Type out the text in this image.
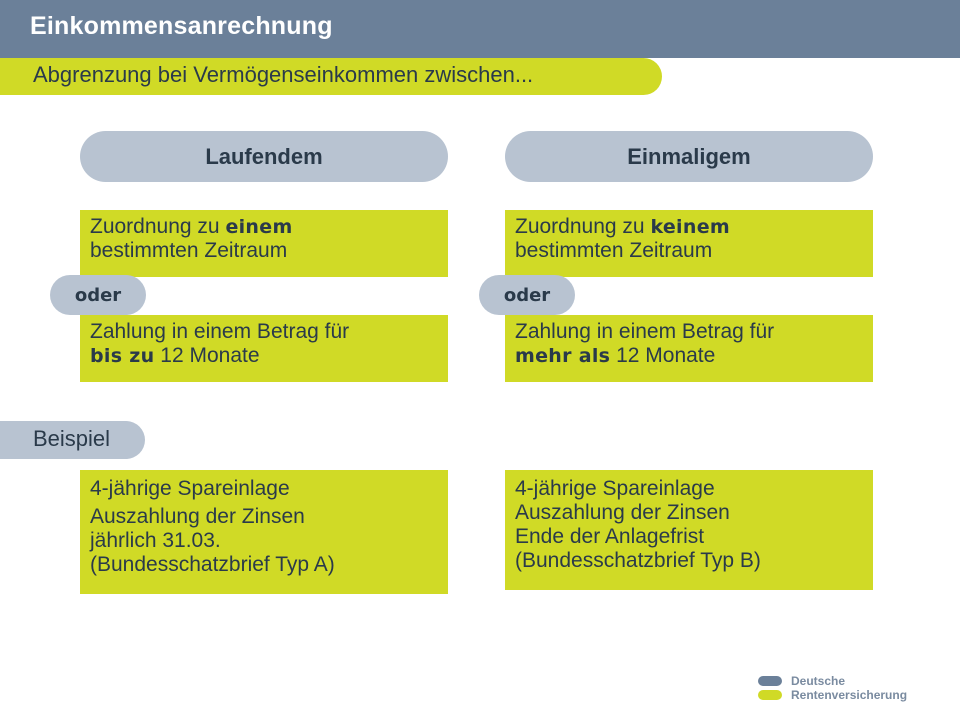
Einkommensanrechnung
Abgrenzung bei Vermögenseinkommen zwischen...
Laufendem
Zuordnung zu einem
bestimmten Zeitraum
Zahlung in einem Betrag für
bis zu 12 Monate
oder
Einmaligem
Zuordnung zu keinem
bestimmten Zeitraum
Zahlung in einem Betrag für
mehr als 12 Monate
oder
Beispiel
4-jährige Spareinlage
Auszahlung der Zinsen
jährlich 31.03.
(Bundesschatzbrief Typ A)
4-jährige Spareinlage
Auszahlung der Zinsen
Ende der Anlagefrist
(Bundesschatzbrief Typ B)
Deutsche
Rentenversicherung
